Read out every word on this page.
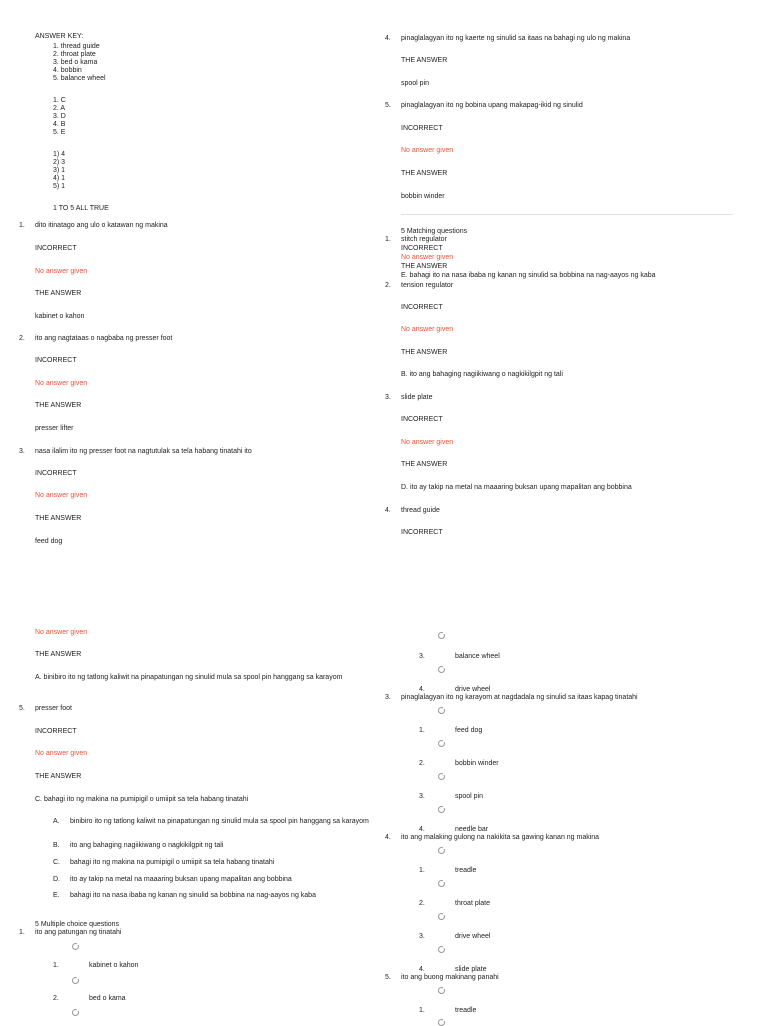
ANSWER KEY:
1. thread guide
2. throat plate
3. bed o kama
4. bobbin
5. balance wheel
1. C
2. A
3. D
4. B
5. E
1) 4
2) 3
3) 1
4) 1
5) 1
1 TO 5 ALL TRUE
1. dito itinatago ang ulo o katawan ng makina
INCORRECT
No answer given
THE ANSWER
kabinet o kahon
2. ito ang nagtataas o nagbaba ng presser foot
INCORRECT
No answer given
THE ANSWER
presser lifter
3. nasa ilalim ito ng presser foot na nagtutulak sa tela habang tinatahi ito
INCORRECT
No answer given
THE ANSWER
feed dog
No answer given
THE ANSWER
A. binibiro ito ng tatlong kaliwit na pinapatungan ng sinulid mula sa spool pin hanggang sa karayom
5. presser foot
INCORRECT
No answer given
THE ANSWER
C. bahagi ito ng makina na pumipigil o umiipit sa tela habang tinatahi
A. binibiro ito ng tatlong kaliwit na pinapatungan ng sinulid mula sa spool pin hanggang sa karayom
B. ito ang bahaging nagiikiwang o nagkikilgpit ng tali
C. bahagi ito ng makina na pumipigil o umiipit sa tela habang tinatahi
D. ito ay takip na metal na maaaring buksan upang mapalitan ang bobbina
E. bahagi ito na nasa ibaba ng kanan ng sinulid sa bobbina na nag-aayos ng kaba
5 Multiple choice questions
1. ito ang patungan ng tinatahi
1.	kabinet o kahon
2.	bed o kama
4. pinaglalagyan ito ng kaerte ng sinulid sa itaas na bahagi ng ulo ng makina
THE ANSWER
spool pin
5. pinaglalagyan ito ng bobina upang makapag-ikid ng sinulid
INCORRECT
No answer given
THE ANSWER
bobbin winder
5 Matching questions
1. stitch regulator
INCORRECT
No answer given
THE ANSWER
E. bahagi ito na nasa ibaba ng kanan ng sinulid sa bobbina na nag-aayos ng kaba
2. tension regulator
INCORRECT
No answer given
THE ANSWER
B. ito ang bahaging nagiikiwang o nagkikilgpit ng tali
3. slide plate
INCORRECT
No answer given
THE ANSWER
D. ito ay takip na metal na maaaring buksan upang mapalitan ang bobbina
4. thread guide
INCORRECT
3.	balance wheel
4.	drive wheel
3. pinaglalagyan ito ng karayom at nagdadala ng sinulid sa itaas kapag tinatahi
1.	feed dog
2.	bobbin winder
3.	spool pin
4.	needle bar
4. ito ang malaking gulong na nakikita sa gawing kanan ng makina
1.	treadle
2.	throat plate
3.	drive wheel
4.	slide plate
5. ito ang buong makinang panahi
1.	treadle
